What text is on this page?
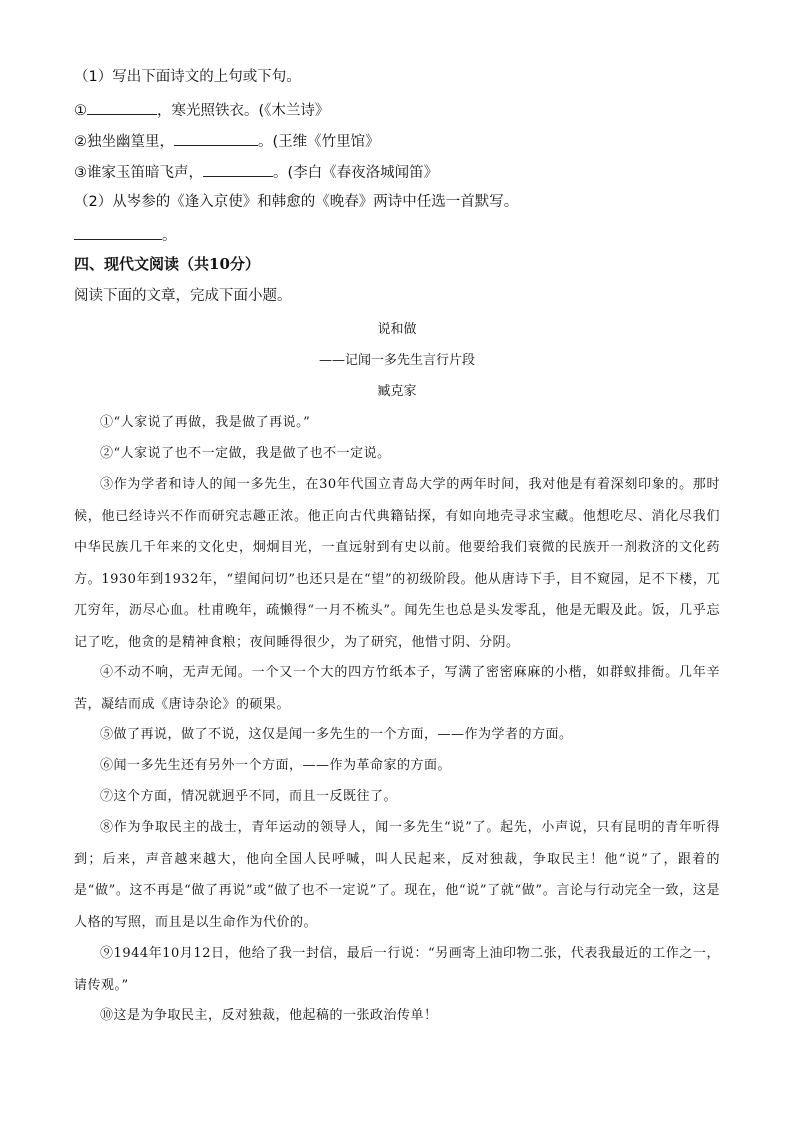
（1）写出下面诗文的上句或下句。
①	，寒光照铁衣。(《木兰诗》
②独坐幽篁里，	。(王维《竹里馆》
③谁家玉笛暗飞声，	。(李白《春夜洛城闻笛》
（2）从岑参的《逢入京使》和韩愈的《晚春》两诗中任选一首默写。
。
四、现代文阅读（共10分）
阅读下面的文章，完成下面小题。
说和做
——记闻一多先生言行片段
臧克家
①“人家说了再做，我是做了再说。”
②“人家说了也不一定做，我是做了也不一定说。
③作为学者和诗人的闻一多先生，在30年代国立青岛大学的两年时间，我对他是有着深刻印象的。那时候，他已经诗兴不作而研究志趣正浓。他正向古代典籍钻探，有如向地壳寻求宝藏。他想吃尽、消化尽我们中华民族几千年来的文化史，炯炯目光，一直远射到有史以前。他要给我们衰微的民族开一剂救济的文化药方。1930年到1932年，“望闻问切”也还只是在“望”的初级阶段。他从唐诗下手，目不窥园，足不下楼，兀兀穷年，沥尽心血。杜甫晚年，疏懒得“一月不梳头”。闻先生也总是头发零乱，他是无暇及此。饭，几乎忘记了吃，他贪的是精神食粮；夜间睡得很少，为了研究，他惜寸阴、分阴。
④不动不响，无声无闻。一个又一个大的四方竹纸本子，写满了密密麻麻的小楷，如群蚁排衙。几年辛苦，凝结而成《唐诗杂论》的硕果。
⑤做了再说，做了不说，这仅是闻一多先生的一个方面，——作为学者的方面。
⑥闻一多先生还有另外一个方面，——作为革命家的方面。
⑦这个方面，情况就迥乎不同，而且一反既往了。
⑧作为争取民主的战士，青年运动的领导人，闻一多先生“说”了。起先，小声说，只有昆明的青年听得到；后来，声音越来越大，他向全国人民呼喊，叫人民起来，反对独裁，争取民主！他“说”了，跟着的是“做”。这不再是“做了再说”或“做了也不一定说”了。现在，他“说”了就“做”。言论与行动完全一致，这是人格的写照，而且是以生命作为代价的。
⑨1944年10月12日，他给了我一封信，最后一行说：“另画寄上油印物二张，代表我最近的工作之一，请传观。”
⑩这是为争取民主，反对独裁，他起稿的一张政治传单！
